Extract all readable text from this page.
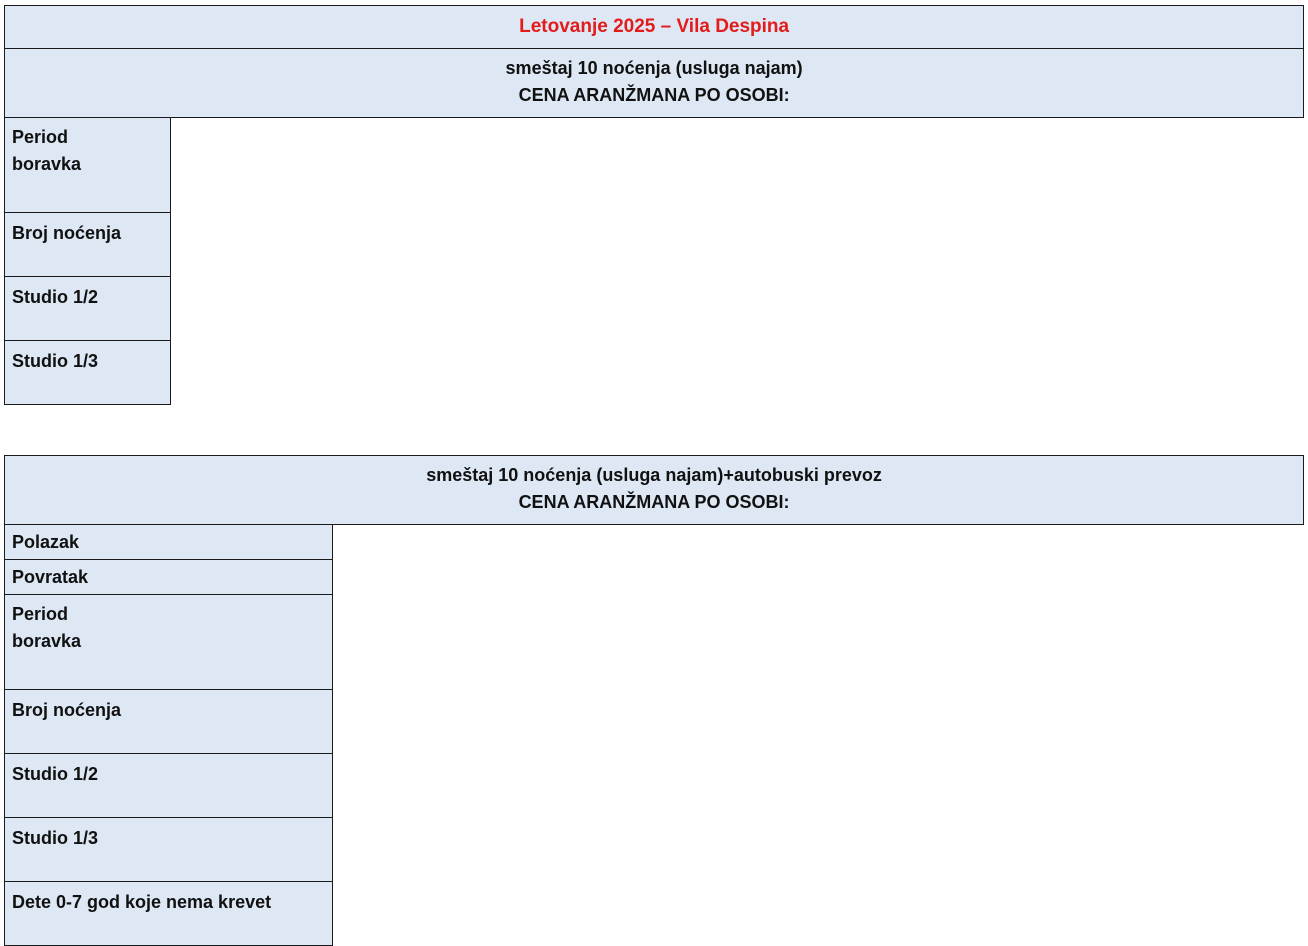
Letovanje 2025 – Vila Despina

smeštaj 10 noćenja (usluga najam)
CENA ARANŽMANA PO OSOBI:

Period
boravka

Broj noćenja
Studio 1/2
Studio 1/3
smeštaj 10 noćenja (usluga najam)+autobuski prevoz
CENA ARANŽMANA PO OSOBI:

Polazak
Povratak

Period
boravka

Broj noćenja
Studio 1/2
Studio 1/3
Dete 0-7 god koje nema krevet
